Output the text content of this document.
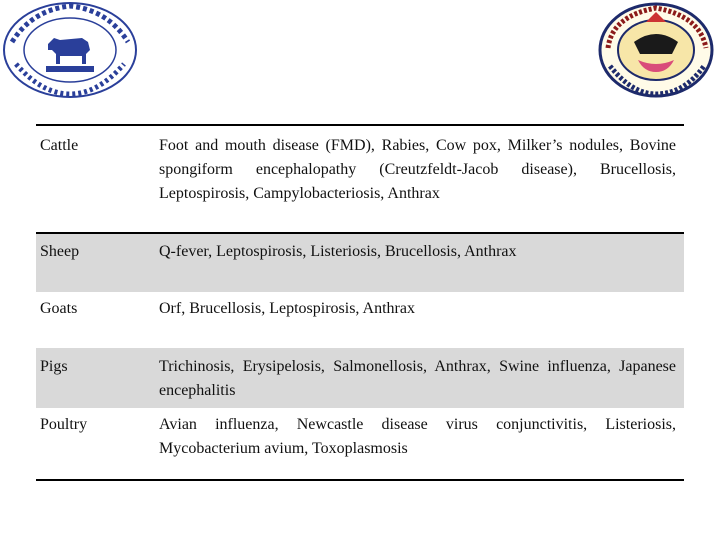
Cattle	Foot and mouth disease (FMD), Rabies, Cow pox, Milker’s nodules, Bovine spongiform encephalopathy (Creutzfeldt-Jacob disease), Brucellosis, Leptospirosis, Campylobacteriosis, Anthrax
Sheep	Q-fever, Leptospirosis, Listeriosis, Brucellosis, Anthrax
Goats	Orf, Brucellosis, Leptospirosis, Anthrax
Pigs	Trichinosis, Erysipelosis, Salmonellosis, Anthrax, Swine influenza, Japanese encephalitis
Poultry	Avian influenza, Newcastle disease virus conjunctivitis, Listeriosis, Mycobacterium avium, Toxoplasmosis
